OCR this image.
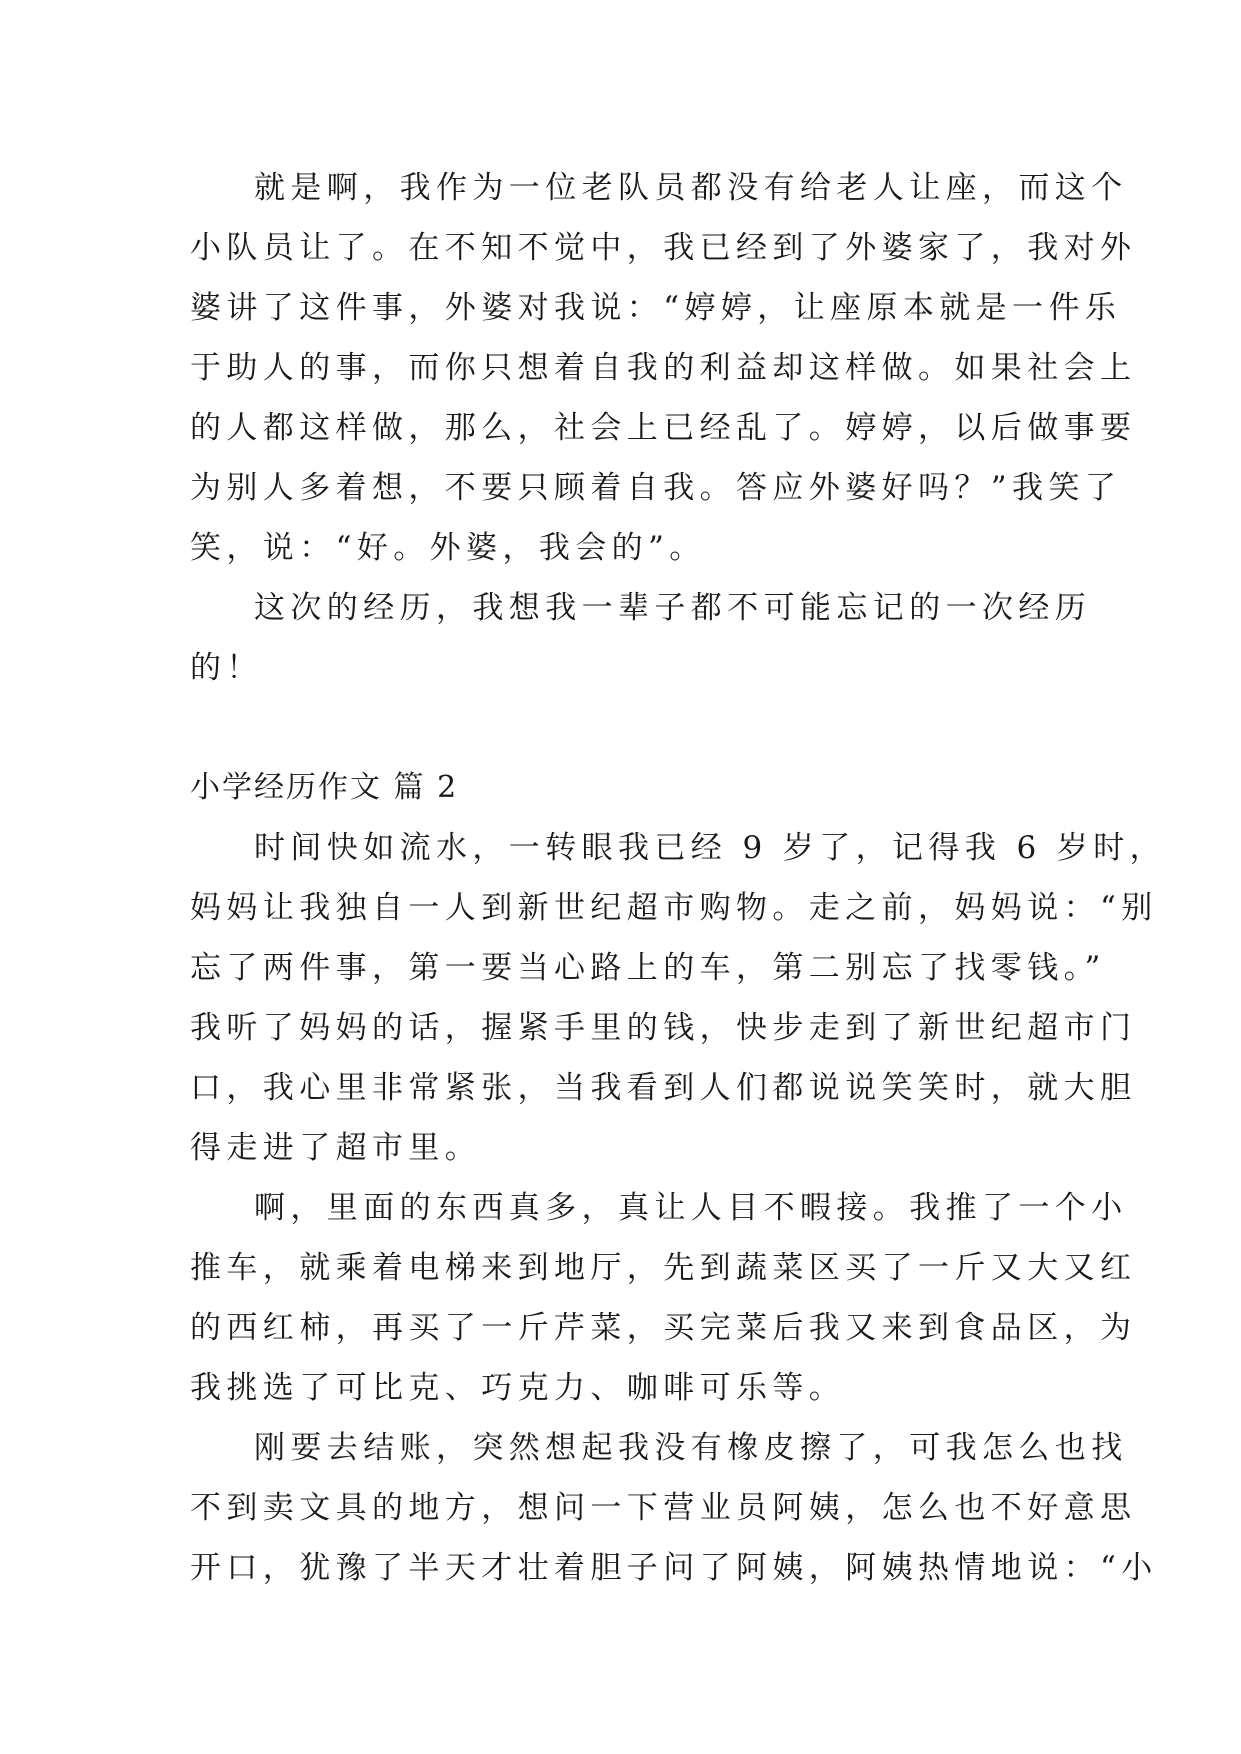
就是啊，我作为一位老队员都没有给老人让座，而这个
小队员让了。在不知不觉中，我已经到了外婆家了，我对外
婆讲了这件事，外婆对我说：“婷婷，让座原本就是一件乐
于助人的事，而你只想着自我的利益却这样做。如果社会上
的人都这样做，那么，社会上已经乱了。婷婷，以后做事要
为别人多着想，不要只顾着自我。答应外婆好吗？”我笑了
笑，说：“好。外婆，我会的”。
这次的经历，我想我一辈子都不可能忘记的一次经历
的！
小学经历作文 篇 2
时间快如流水，一转眼我已经 9 岁了，记得我 6 岁时，
妈妈让我独自一人到新世纪超市购物。走之前，妈妈说：“别
忘了两件事，第一要当心路上的车，第二别忘了找零钱。”
我听了妈妈的话，握紧手里的钱，快步走到了新世纪超市门
口，我心里非常紧张，当我看到人们都说说笑笑时，就大胆
得走进了超市里。
啊，里面的东西真多，真让人目不暇接。我推了一个小
推车，就乘着电梯来到地厅，先到蔬菜区买了一斤又大又红
的西红柿，再买了一斤芹菜，买完菜后我又来到食品区，为
我挑选了可比克、巧克力、咖啡可乐等。
刚要去结账，突然想起我没有橡皮擦了，可我怎么也找
不到卖文具的地方，想问一下营业员阿姨，怎么也不好意思
开口，犹豫了半天才壮着胆子问了阿姨，阿姨热情地说：“小
